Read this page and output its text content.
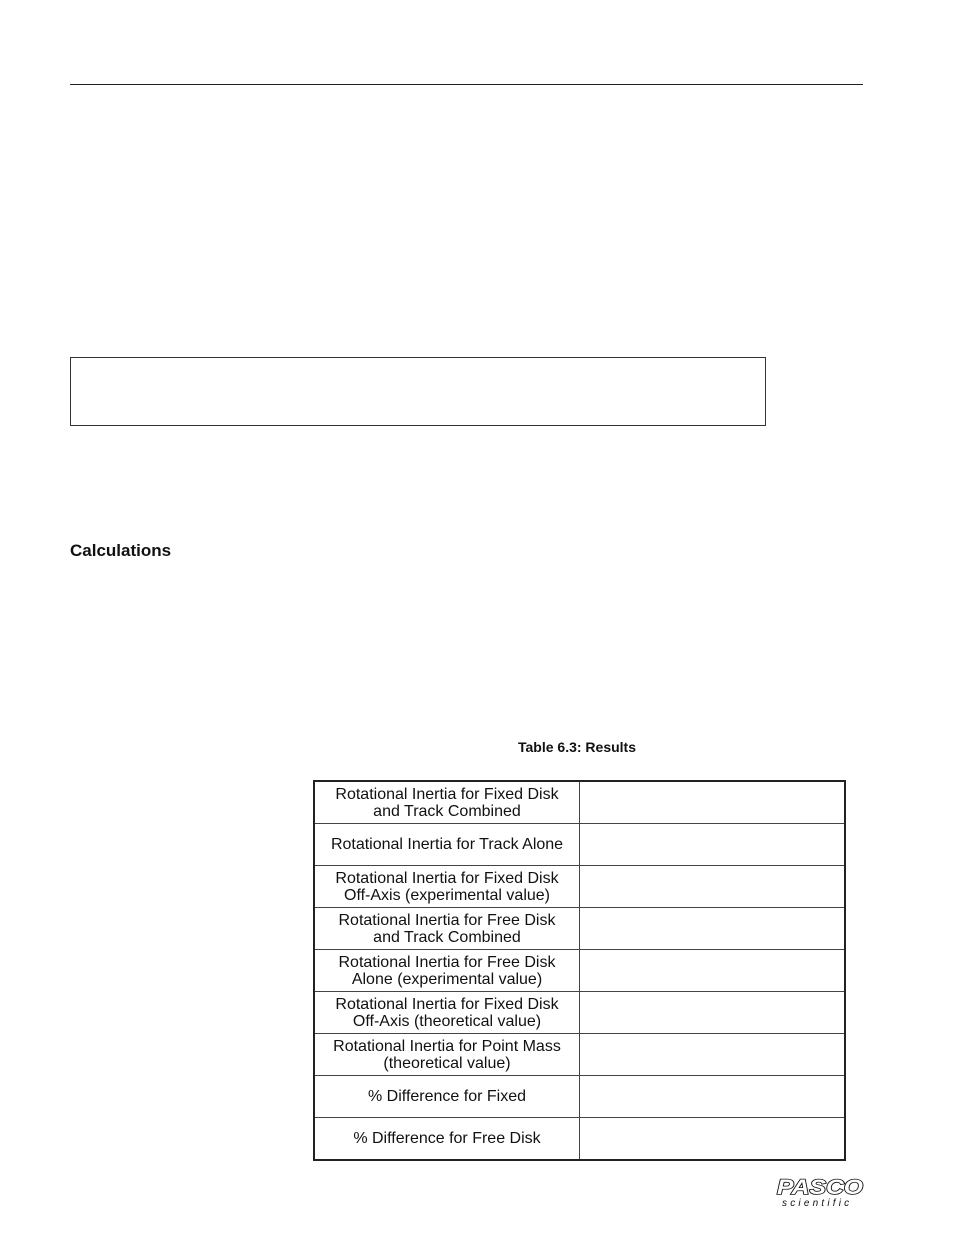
Calculations
Table 6.3: Results
Rotational Inertia for Fixed Disk
and Track Combined	

Rotational Inertia for Track Alone	

Rotational Inertia for Fixed Disk
Off-Axis (experimental value)	

Rotational Inertia for Free Disk
and Track Combined	

Rotational Inertia for Free Disk
Alone (experimental value)	

Rotational Inertia for Fixed Disk
Off-Axis (theoretical value)	

Rotational Inertia for Point Mass
(theoretical value)	

% Difference for Fixed	

% Difference for Free Disk	

PASCO
scientific
